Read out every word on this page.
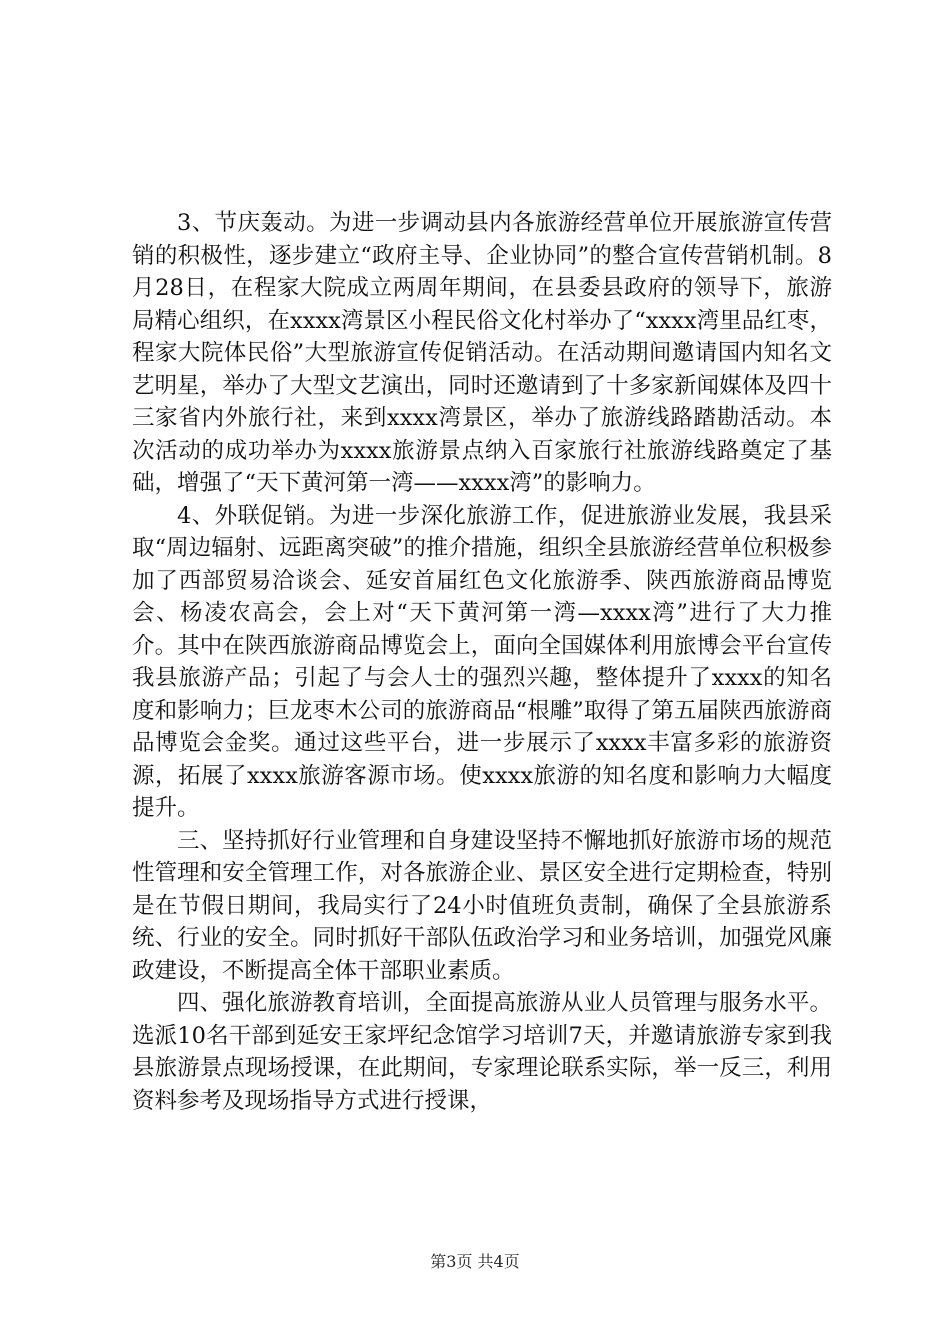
3、节庆轰动。为进一步调动县内各旅游经营单位开展旅游宣传营销的积极性，逐步建立“政府主导、企业协同”的整合宣传营销机制。8月28日，在程家大院成立两周年期间，在县委县政府的领导下，旅游局精心组织，在xxxx湾景区小程民俗文化村举办了“xxxx湾里品红枣，程家大院体民俗”大型旅游宣传促销活动。在活动期间邀请国内知名文艺明星，举办了大型文艺演出，同时还邀请到了十多家新闻媒体及四十三家省内外旅行社，来到xxxx湾景区，举办了旅游线路踏勘活动。本次活动的成功举办为xxxx旅游景点纳入百家旅行社旅游线路奠定了基础，增强了“天下黄河第一湾——xxxx湾”的影响力。

4、外联促销。为进一步深化旅游工作，促进旅游业发展，我县采取“周边辐射、远距离突破”的推介措施，组织全县旅游经营单位积极参加了西部贸易洽谈会、延安首届红色文化旅游季、陕西旅游商品博览会、杨凌农高会，会上对“天下黄河第一湾—xxxx湾”进行了大力推介。其中在陕西旅游商品博览会上，面向全国媒体利用旅博会平台宣传我县旅游产品；引起了与会人士的强烈兴趣，整体提升了xxxx的知名度和影响力；巨龙枣木公司的旅游商品“根雕”取得了第五届陕西旅游商品博览会金奖。通过这些平台，进一步展示了xxxx丰富多彩的旅游资源，拓展了xxxx旅游客源市场。使xxxx旅游的知名度和影响力大幅度提升。

三、坚持抓好行业管理和自身建设坚持不懈地抓好旅游市场的规范性管理和安全管理工作，对各旅游企业、景区安全进行定期检查，特别是在节假日期间，我局实行了24小时值班负责制，确保了全县旅游系统、行业的安全。同时抓好干部队伍政治学习和业务培训，加强党风廉政建设，不断提高全体干部职业素质。

四、强化旅游教育培训，全面提高旅游从业人员管理与服务水平。选派10名干部到延安王家坪纪念馆学习培训7天，并邀请旅游专家到我县旅游景点现场授课，在此期间，专家理论联系实际，举一反三，利用资料参考及现场指导方式进行授课，

第3页 共4页
